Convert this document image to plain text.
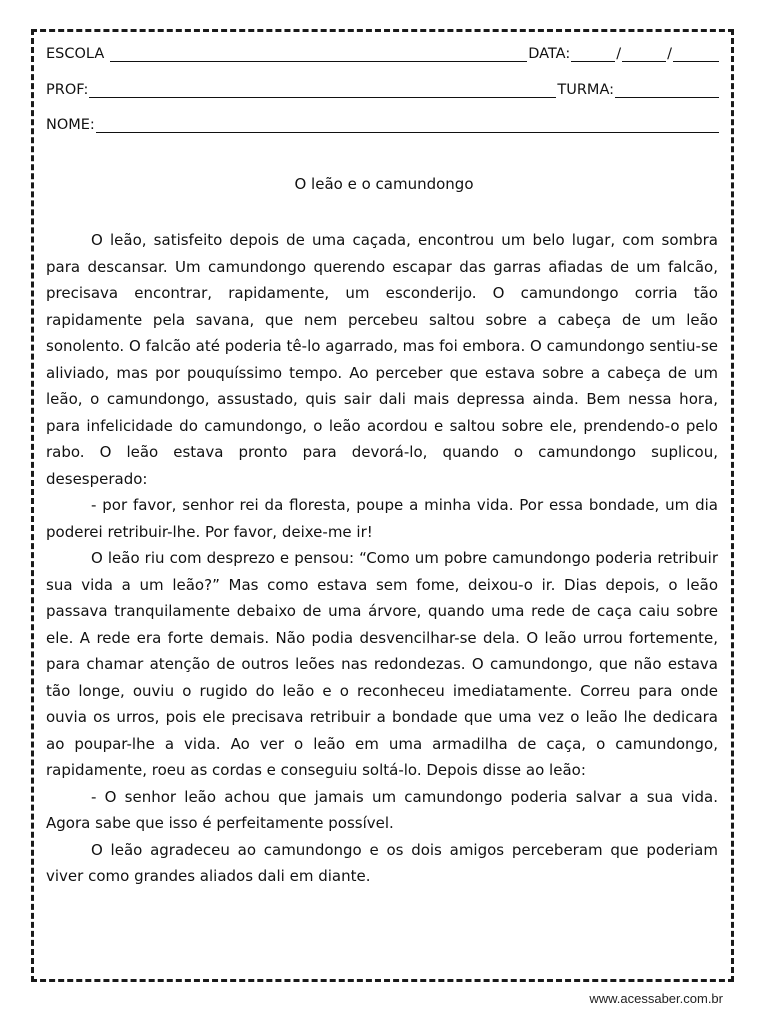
ESCOLA	DATA:	/	/
PROF:	TURMA:
NOME:
O leão e o camundongo

O leão, satisfeito depois de uma caçada, encontrou um belo lugar, com sombra para descansar. Um camundongo querendo escapar das garras afiadas de um falcão, precisava encontrar, rapidamente, um esconderijo. O camundongo corria tão rapidamente pela savana, que nem percebeu saltou sobre a cabeça de um leão sonolento. O falcão até poderia tê-lo agarrado, mas foi embora. O camundongo sentiu-se aliviado, mas por pouquíssimo tempo. Ao perceber que estava sobre a cabeça de um leão, o camundongo, assustado, quis sair dali mais depressa ainda. Bem nessa hora, para infelicidade do camundongo, o leão acordou e saltou sobre ele, prendendo-o pelo rabo. O leão estava pronto para devorá-lo, quando o camundongo suplicou, desesperado:

- por favor, senhor rei da floresta, poupe a minha vida. Por essa bondade, um dia poderei retribuir-lhe. Por favor, deixe-me ir!

O leão riu com desprezo e pensou: “Como um pobre camundongo poderia retribuir sua vida a um leão?” Mas como estava sem fome, deixou-o ir. Dias depois, o leão passava tranquilamente debaixo de uma árvore, quando uma rede de caça caiu sobre ele. A rede era forte demais. Não podia desvencilhar-se dela. O leão urrou fortemente, para chamar atenção de outros leões nas redondezas. O camundongo, que não estava tão longe, ouviu o rugido do leão e o reconheceu imediatamente. Correu para onde ouvia os urros, pois ele precisava retribuir a bondade que uma vez o leão lhe dedicara ao poupar-lhe a vida. Ao ver o leão em uma armadilha de caça, o camundongo, rapidamente, roeu as cordas e conseguiu soltá-lo. Depois disse ao leão:

- O senhor leão achou que jamais um camundongo poderia salvar a sua vida. Agora sabe que isso é perfeitamente possível.

O leão agradeceu ao camundongo e os dois amigos perceberam que poderiam viver como grandes aliados dali em diante.

www.acessaber.com.br
